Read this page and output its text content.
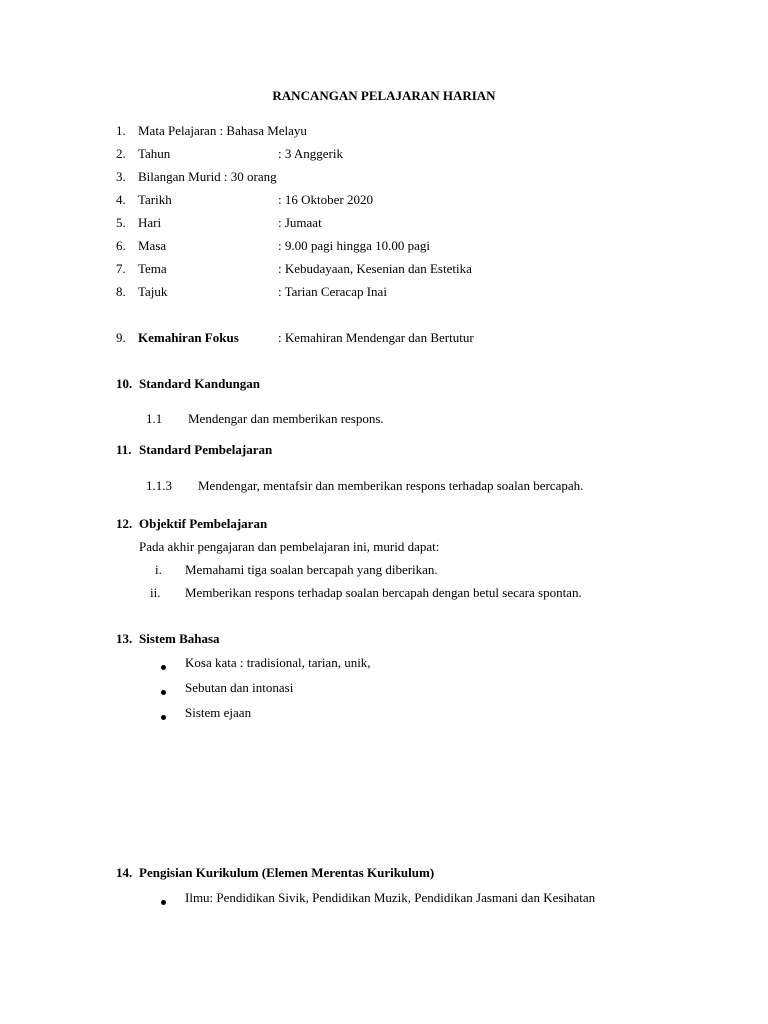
RANCANGAN PELAJARAN HARIAN
1. Mata Pelajaran : Bahasa Melayu
2. Tahun	: 3 Anggerik
3. Bilangan Murid : 30 orang
4. Tarikh	: 16 Oktober 2020
5. Hari	: Jumaat
6. Masa	: 9.00 pagi hingga 10.00 pagi
7. Tema	: Kebudayaan, Kesenian dan Estetika
8. Tajuk	: Tarian Ceracap Inai
9. Kemahiran Fokus	: Kemahiran Mendengar dan Bertutur
10. Standard Kandungan
1.1 Mendengar dan memberikan respons.
11. Standard Pembelajaran
1.1.3 Mendengar, mentafsir dan memberikan respons terhadap soalan bercapah.
12. Objektif Pembelajaran
Pada akhir pengajaran dan pembelajaran ini, murid dapat:
i. Memahami tiga soalan bercapah yang diberikan.
ii. Memberikan respons terhadap soalan bercapah dengan betul secara spontan.
13. Sistem Bahasa
Kosa kata : tradisional, tarian, unik,
Sebutan dan intonasi
Sistem ejaan
14. Pengisian Kurikulum (Elemen Merentas Kurikulum)
Ilmu: Pendidikan Sivik, Pendidikan Muzik, Pendidikan Jasmani dan Kesihatan
